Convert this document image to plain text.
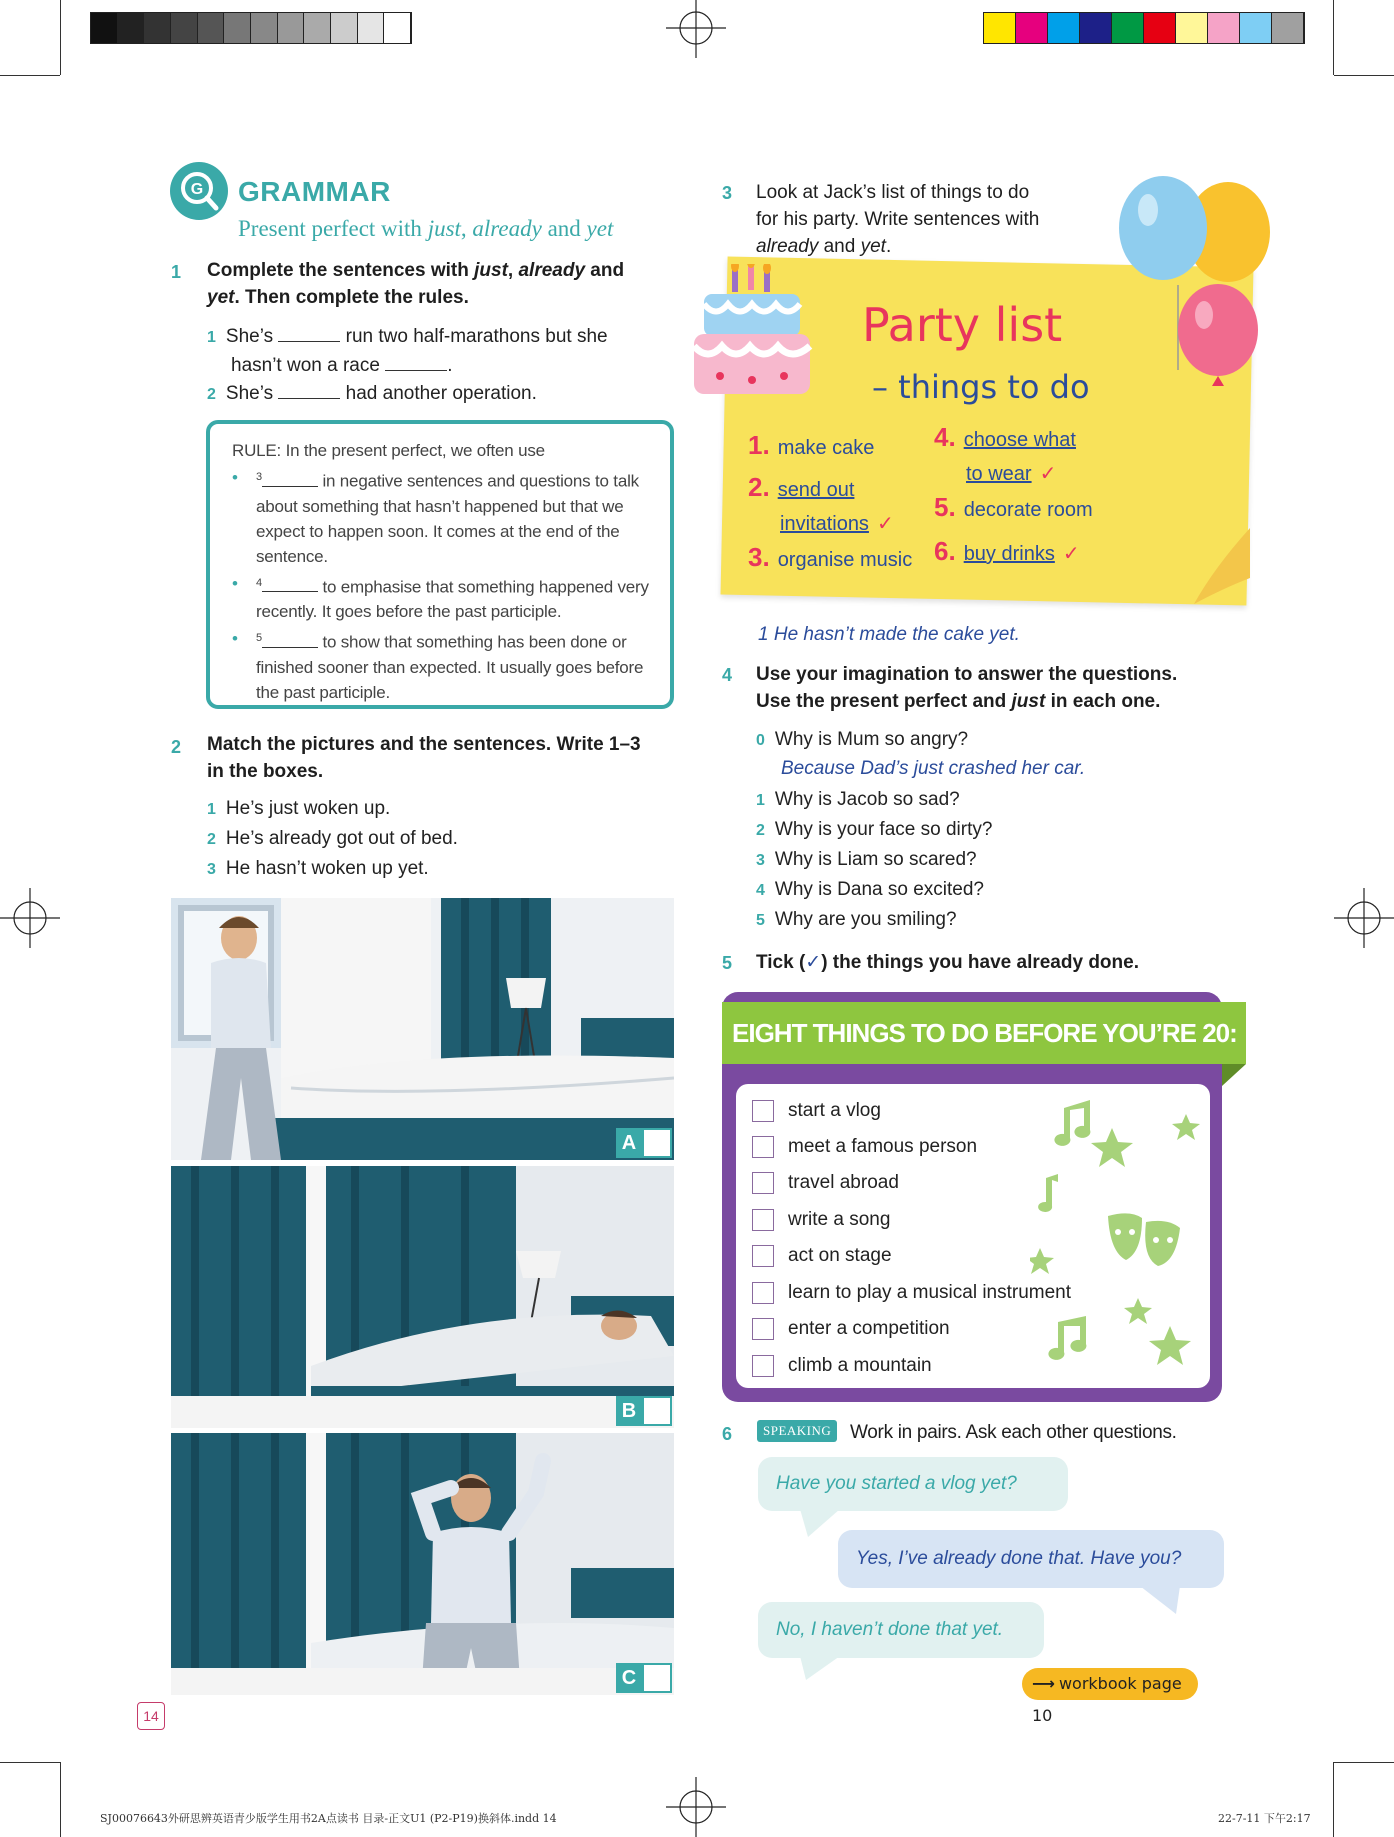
G GRAMMAR
Present perfect with just, already and yet
1 Complete the sentences with just, already and
yet. Then complete the rules.
1 She’s	run two half-marathons but she
hasn’t won a race	.
2 She’s	had another operation.
RULE: In the present perfect, we often use
• $^3$	in negative sentences and questions to talk about something that hasn’t happened but that we expect to happen soon. It comes at the end of the sentence.
• $^4$	to emphasise that something happened very recently. It goes before the past participle.
• $^5$	to show that something has been done or finished sooner than expected. It usually goes before the past participle.
2 Match the pictures and the sentences. Write 1–3
in the boxes.
1 He’s just woken up.
2 He’s already got out of bed.
3 He hasn’t woken up yet.
A
B
C
14
3 Look at Jack’s list of things to do
for his party. Write sentences with
already and yet.
Party list
– things to do
1. make cake
2. send out
invitations ✓
3. organise music
4. choose what
to wear ✓
5. decorate room
6. buy drinks ✓
1 He hasn’t made the cake yet.
4 Use your imagination to answer the questions.
Use the present perfect and just in each one.
0 Why is Mum so angry?
Because Dad’s just crashed her car.
1 Why is Jacob so sad?
2 Why is your face so dirty?
3 Why is Liam so scared?
4 Why is Dana so excited?
5 Why are you smiling?
5 Tick (✓) the things you have already done.
EIGHT THINGS TO DO BEFORE YOU’RE 20:
start a vlog
meet a famous person
travel abroad
write a song
act on stage
learn to play a musical instrument
enter a competition
climb a mountain
6	SPEAKING Work in pairs. Ask each other questions.
Have you started a vlog yet?
Yes, I’ve already done that. Have you?
No, I haven’t done that yet.
⟶ workbook page 10
SJ00076643外研思辨英语青少版学生用书2A点读书 目录-正文U1 (P2-P19)换斜体.indd 14	22-7-11 下午2:17
